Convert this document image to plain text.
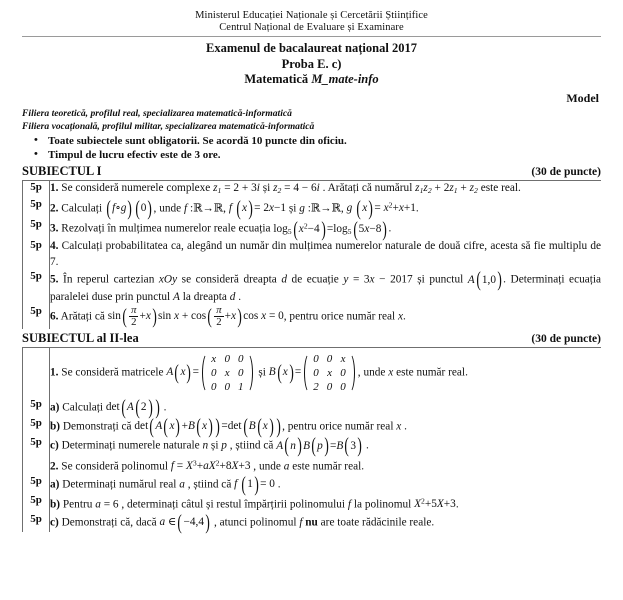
Ministerul Educației Naționale și Cercetării Științifice
Centrul Național de Evaluare și Examinare
Examenul de bacalaureat național 2017
Proba E. c)
Matematică M_mate-info
Model
Filiera teoretică, profilul real, specializarea matematică-informatică
Filiera vocațională, profilul militar, specializarea matematică-informatică
• Toate subiectele sunt obligatorii. Se acordă 10 puncte din oficiu.
• Timpul de lucru efectiv este de 3 ore.
SUBIECTUL I	(30 de puncte)
5p	1. Se consideră numerele complexe $z_1 = 2 + 3i$ și $z_2 = 4 - 6i$ . Arătați că numărul $z_1z_2 + 2z_1 + z_2$ este real.
5p	2. Calculați (f∘g) (0), unde f :ℝ→ℝ, f (x)= 2x−1 și g :ℝ→ℝ, g $(x)= x^2+x+1$.
5p	3. Rezolvați în mulțimea numerelor reale ecuația $\log_5(x^2-4)=\log_5(5x-8)$.
5p	4. Calculați probabilitatea ca, alegând un număr din mulțimea numerelor naturale de două cifre, acesta să fie multiplu de 7.
5p	5. În reperul cartezian xOy se consideră dreapta d de ecuație y = 3x − 2017 și punctul A(1,0). Determinați ecuația paralelei duse prin punctul A la dreapta d .
5p	6. Arătați că $\sin( \frac{\pi}{2} +x)\sin$ $x + \cos( \frac{\pi}{2} +x)\cos$ x = 0, pentru orice număr real x.
SUBIECTUL al II-lea	(30 de puncte)
	1. Se consideră matricele A(x)=
x	0	0
0	x	0
0	0	1
și B(x)=
0	0	x
0	x	0
2	0	0
, unde x este număr real.
5p	a) Calculați det(A(2) ) .
5p	b) Demonstrați că det(A(x)+B(x) )=det(B(x) ), pentru orice număr real x .
5p	c) Determinați numerele naturale n și p , știind că A(n)B(p)=B(3) .
	2. Se consideră polinomul $f = X^3+aX^2+8X+3$ , unde a este număr real.
5p	a) Determinați numărul real a , știind că f (1)= 0 .
5p	b) Pentru a = 6 , determinați câtul și restul împărțirii polinomului f la polinomul $X^2+5X+3$.
5p	c) Demonstrați că, dacă a ∈(−4,4) , atunci polinomul f nu are toate rădăcinile reale.
